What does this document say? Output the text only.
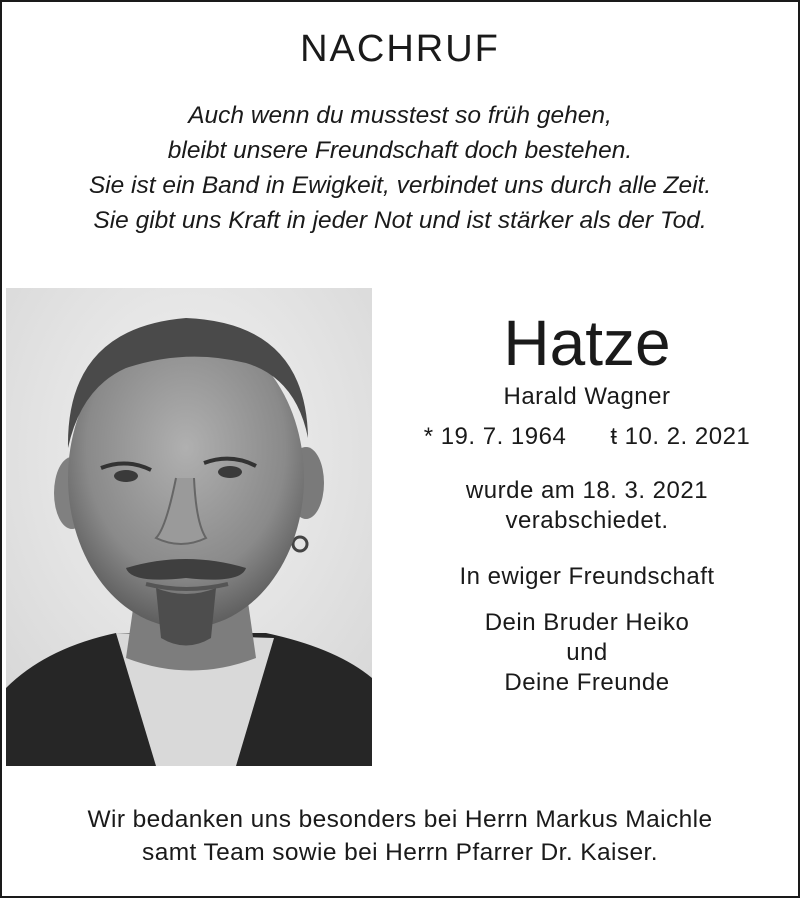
NACHRUF
Auch wenn du musstest so früh gehen,
bleibt unsere Freundschaft doch bestehen.
Sie ist ein Band in Ewigkeit, verbindet uns durch alle Zeit.
Sie gibt uns Kraft in jeder Not und ist stärker als der Tod.
Hatze
Harald Wagner
* 19. 7. 1964 ŧ 10. 2. 2021
wurde am 18. 3. 2021
verabschiedet.
In ewiger Freundschaft
Dein Bruder Heiko
und
Deine Freunde
Wir bedanken uns besonders bei Herrn Markus Maichle
samt Team sowie bei Herrn Pfarrer Dr. Kaiser.
